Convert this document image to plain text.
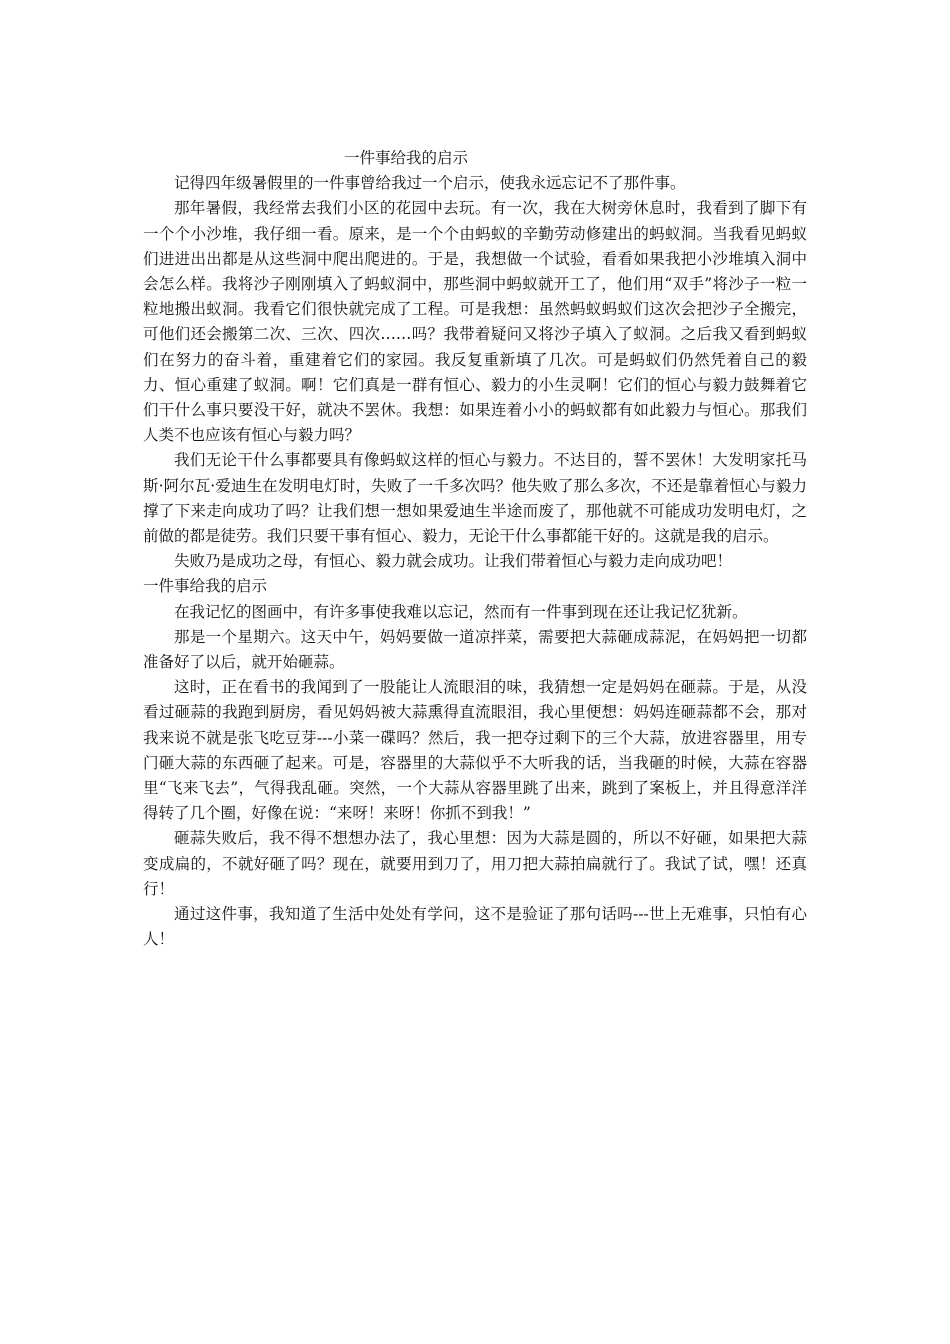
一件事给我的启示

记得四年级暑假里的一件事曾给我过一个启示，使我永远忘记不了那件事。

那年暑假，我经常去我们小区的花园中去玩。有一次，我在大树旁休息时，我看到了脚下有一个个小沙堆，我仔细一看。原来，是一个个由蚂蚁的辛勤劳动修建出的蚂蚁洞。当我看见蚂蚁们进进出出都是从这些洞中爬出爬进的。于是，我想做一个试验，看看如果我把小沙堆填入洞中会怎么样。我将沙子刚刚填入了蚂蚁洞中，那些洞中蚂蚁就开工了，他们用“双手”将沙子一粒一粒地搬出蚁洞。我看它们很快就完成了工程。可是我想：虽然蚂蚁蚂蚁们这次会把沙子全搬完，可他们还会搬第二次、三次、四次……吗？我带着疑问又将沙子填入了蚁洞。之后我又看到蚂蚁们在努力的奋斗着，重建着它们的家园。我反复重新填了几次。可是蚂蚁们仍然凭着自己的毅力、恒心重建了蚁洞。啊！它们真是一群有恒心、毅力的小生灵啊！它们的恒心与毅力鼓舞着它们干什么事只要没干好，就决不罢休。我想：如果连着小小的蚂蚁都有如此毅力与恒心。那我们人类不也应该有恒心与毅力吗？

我们无论干什么事都要具有像蚂蚁这样的恒心与毅力。不达目的，誓不罢休！大发明家托马斯·阿尔瓦·爱迪生在发明电灯时，失败了一千多次吗？他失败了那么多次，不还是靠着恒心与毅力撑了下来走向成功了吗？让我们想一想如果爱迪生半途而废了，那他就不可能成功发明电灯，之前做的都是徒劳。我们只要干事有恒心、毅力，无论干什么事都能干好的。这就是我的启示。

失败乃是成功之母，有恒心、毅力就会成功。让我们带着恒心与毅力走向成功吧！

一件事给我的启示

在我记忆的图画中，有许多事使我难以忘记，然而有一件事到现在还让我记忆犹新。

那是一个星期六。这天中午，妈妈要做一道凉拌菜，需要把大蒜砸成蒜泥，在妈妈把一切都准备好了以后，就开始砸蒜。

这时，正在看书的我闻到了一股能让人流眼泪的味，我猜想一定是妈妈在砸蒜。于是，从没看过砸蒜的我跑到厨房，看见妈妈被大蒜熏得直流眼泪，我心里便想：妈妈连砸蒜都不会，那对我来说不就是张飞吃豆芽---小菜一碟吗？然后，我一把夺过剩下的三个大蒜，放进容器里，用专门砸大蒜的东西砸了起来。可是，容器里的大蒜似乎不大听我的话，当我砸的时候，大蒜在容器里“飞来飞去”，气得我乱砸。突然，一个大蒜从容器里跳了出来，跳到了案板上，并且得意洋洋得转了几个圈，好像在说：“来呀！来呀！你抓不到我！”

砸蒜失败后，我不得不想想办法了，我心里想：因为大蒜是圆的，所以不好砸，如果把大蒜变成扁的，不就好砸了吗？现在，就要用到刀了，用刀把大蒜拍扁就行了。我试了试，嘿！还真行！

通过这件事，我知道了生活中处处有学问，这不是验证了那句话吗---世上无难事，只怕有心人！
